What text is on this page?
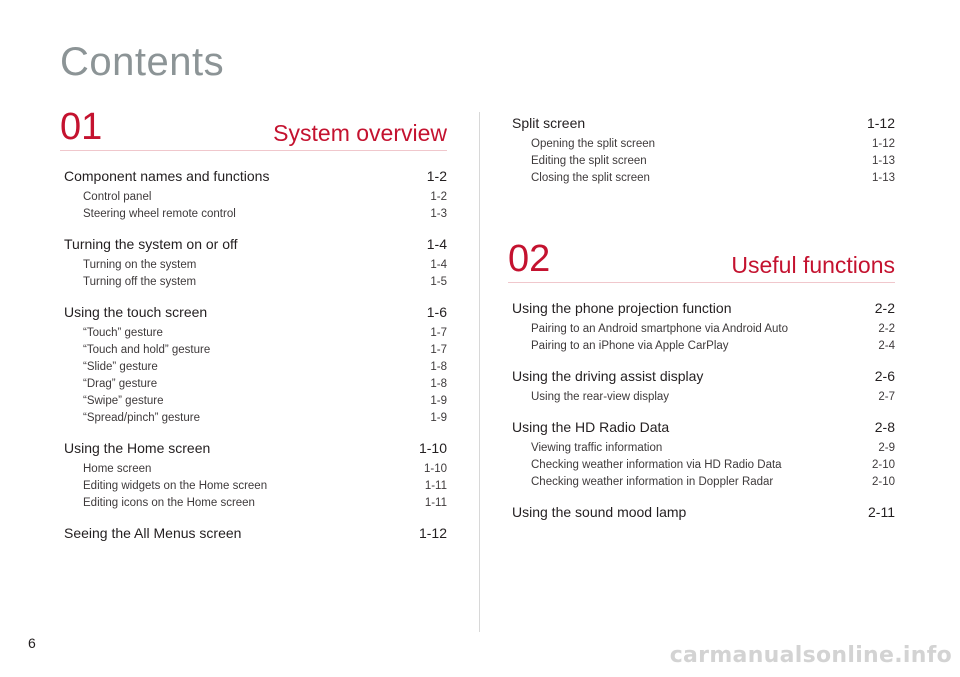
Contents
01	System overview
Component names and functions	1-2
Control panel	1-2
Steering wheel remote control	1-3
Turning the system on or off	1-4
Turning on the system	1-4
Turning off the system	1-5
Using the touch screen	1-6
“Touch” gesture	1-7
“Touch and hold” gesture	1-7
“Slide” gesture	1-8
“Drag” gesture	1-8
“Swipe” gesture	1-9
“Spread/pinch” gesture	1-9
Using the Home screen	1-10
Home screen	1-10
Editing widgets on the Home screen	1-11
Editing icons on the Home screen	1-11
Seeing the All Menus screen	1-12
Split screen	1-12
Opening the split screen	1-12
Editing the split screen	1-13
Closing the split screen	1-13
02	Useful functions
Using the phone projection function	2-2
Pairing to an Android smartphone via Android Auto	2-2
Pairing to an iPhone via Apple CarPlay	2-4
Using the driving assist display	2-6
Using the rear-view display	2-7
Using the HD Radio Data	2-8
Viewing traffic information	2-9
Checking weather information via HD Radio Data	2-10
Checking weather information in Doppler Radar	2-10
Using the sound mood lamp	2-11
6	carmanualsonline.info
